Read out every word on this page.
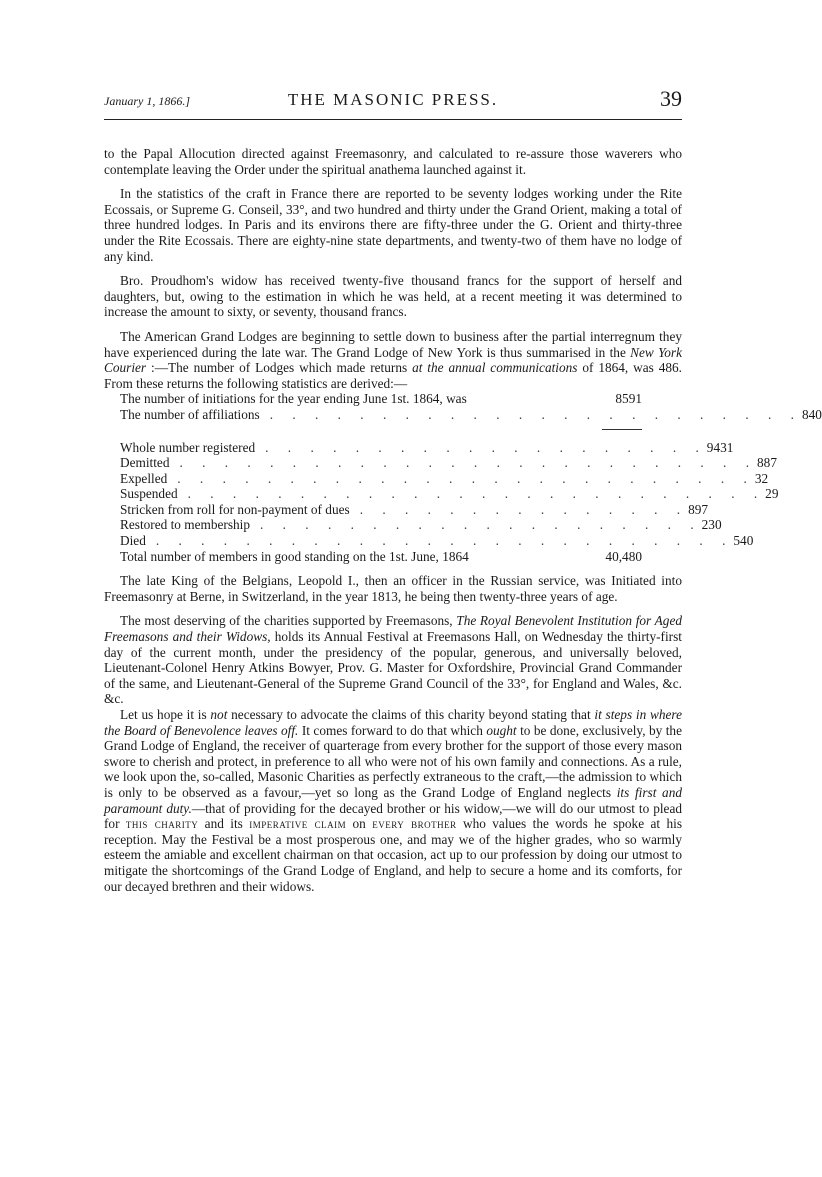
January 1, 1866.]	THE MASONIC PRESS.	39

to the Papal Allocution directed against Freemasonry, and calculated to re-assure those waverers who contemplate leaving the Order under the spiritual anathema launched against it.

In the statistics of the craft in France there are reported to be seventy lodges working under the Rite Ecossais, or Supreme G. Conseil, 33°, and two hundred and thirty under the Grand Orient, making a total of three hundred lodges. In Paris and its environs there are fifty-three under the G. Orient and thirty-three under the Rite Ecossais. There are eighty-nine state departments, and twenty-two of them have no lodge of any kind.

Bro. Proudhom's widow has received twenty-five thousand francs for the support of herself and daughters, but, owing to the estimation in which he was held, at a recent meeting it was determined to increase the amount to sixty, or seventy, thousand francs.

The American Grand Lodges are beginning to settle down to business after the partial interregnum they have experienced during the late war. The Grand Lodge of New York is thus summarised in the New York Courier :—The number of Lodges which made returns at the annual communications of 1864, was 486. From these returns the following statistics are derived:—

The number of initiations for the year ending June 1st. 1864, was	8591
The number of affiliations . . . . . . . . . . . . . . . . . . . . . . . . 840
Whole number registered . . . . . . . . . . . . . . . . . . . . 9431
Demitted . . . . . . . . . . . . . . . . . . . . . . . . . . 887
Expelled . . . . . . . . . . . . . . . . . . . . . . . . . . 32
Suspended . . . . . . . . . . . . . . . . . . . . . . . . . . 29
Stricken from roll for non-payment of dues . . . . . . . . . . . . . . . 897
Restored to membership . . . . . . . . . . . . . . . . . . . . 230
Died . . . . . . . . . . . . . . . . . . . . . . . . . . 540
Total number of members in good standing on the 1st. June, 1864	40,480

The late King of the Belgians, Leopold I., then an officer in the Russian service, was Initiated into Freemasonry at Berne, in Switzerland, in the year 1813, he being then twenty-three years of age.

The most deserving of the charities supported by Freemasons, The Royal Benevolent Institution for Aged Freemasons and their Widows, holds its Annual Festival at Freemasons Hall, on Wednesday the thirty-first day of the current month, under the presidency of the popular, generous, and universally beloved, Lieutenant-Colonel Henry Atkins Bowyer, Prov. G. Master for Oxfordshire, Provincial Grand Commander of the same, and Lieutenant-General of the Supreme Grand Council of the 33°, for England and Wales, &c. &c.

Let us hope it is not necessary to advocate the claims of this charity beyond stating that it steps in where the Board of Benevolence leaves off. It comes forward to do that which ought to be done, exclusively, by the Grand Lodge of England, the receiver of quarterage from every brother for the support of those every mason swore to cherish and protect, in preference to all who were not of his own family and connections. As a rule, we look upon the, so-called, Masonic Charities as perfectly extraneous to the craft,—the admission to which is only to be observed as a favour,—yet so long as the Grand Lodge of England neglects its first and paramount duty.—that of providing for the decayed brother or his widow,—we will do our utmost to plead for this charity and its imperative claim on every brother who values the words he spoke at his reception. May the Festival be a most prosperous one, and may we of the higher grades, who so warmly esteem the amiable and excellent chairman on that occasion, act up to our profession by doing our utmost to mitigate the shortcomings of the Grand Lodge of England, and help to secure a home and its comforts, for our decayed brethren and their widows.
